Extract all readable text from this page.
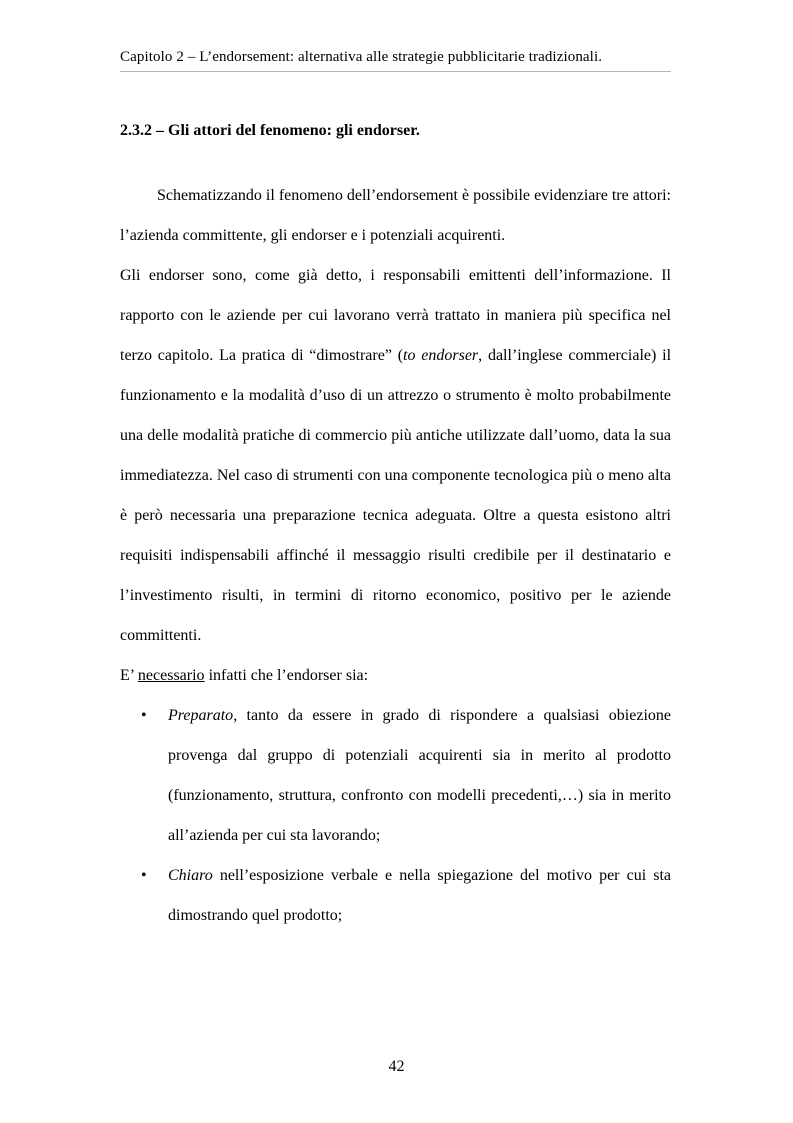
Capitolo 2 – L’endorsement: alternativa alle strategie pubblicitarie tradizionali.
2.3.2 – Gli attori del fenomeno: gli endorser.

Schematizzando il fenomeno dell’endorsement è possibile evidenziare tre attori: l’azienda committente, gli endorser e i potenziali acquirenti.

Gli endorser sono, come già detto, i responsabili emittenti dell’informazione. Il rapporto con le aziende per cui lavorano verrà trattato in maniera più specifica nel terzo capitolo. La pratica di “dimostrare” (to endorser, dall’inglese commerciale) il funzionamento e la modalità d’uso di un attrezzo o strumento è molto probabilmente una delle modalità pratiche di commercio più antiche utilizzate dall’uomo, data la sua immediatezza. Nel caso di strumenti con una componente tecnologica più o meno alta è però necessaria una preparazione tecnica adeguata. Oltre a questa esistono altri requisiti indispensabili affinché il messaggio risulti credibile per il destinatario e l’investimento risulti, in termini di ritorno economico, positivo per le aziende committenti.

E’ necessario infatti che l’endorser sia:

• Preparato, tanto da essere in grado di rispondere a qualsiasi obiezione provenga dal gruppo di potenziali acquirenti sia in merito al prodotto (funzionamento, struttura, confronto con modelli precedenti,…) sia in merito all’azienda per cui sta lavorando;
• Chiaro nell’esposizione verbale e nella spiegazione del motivo per cui sta dimostrando quel prodotto;
42
